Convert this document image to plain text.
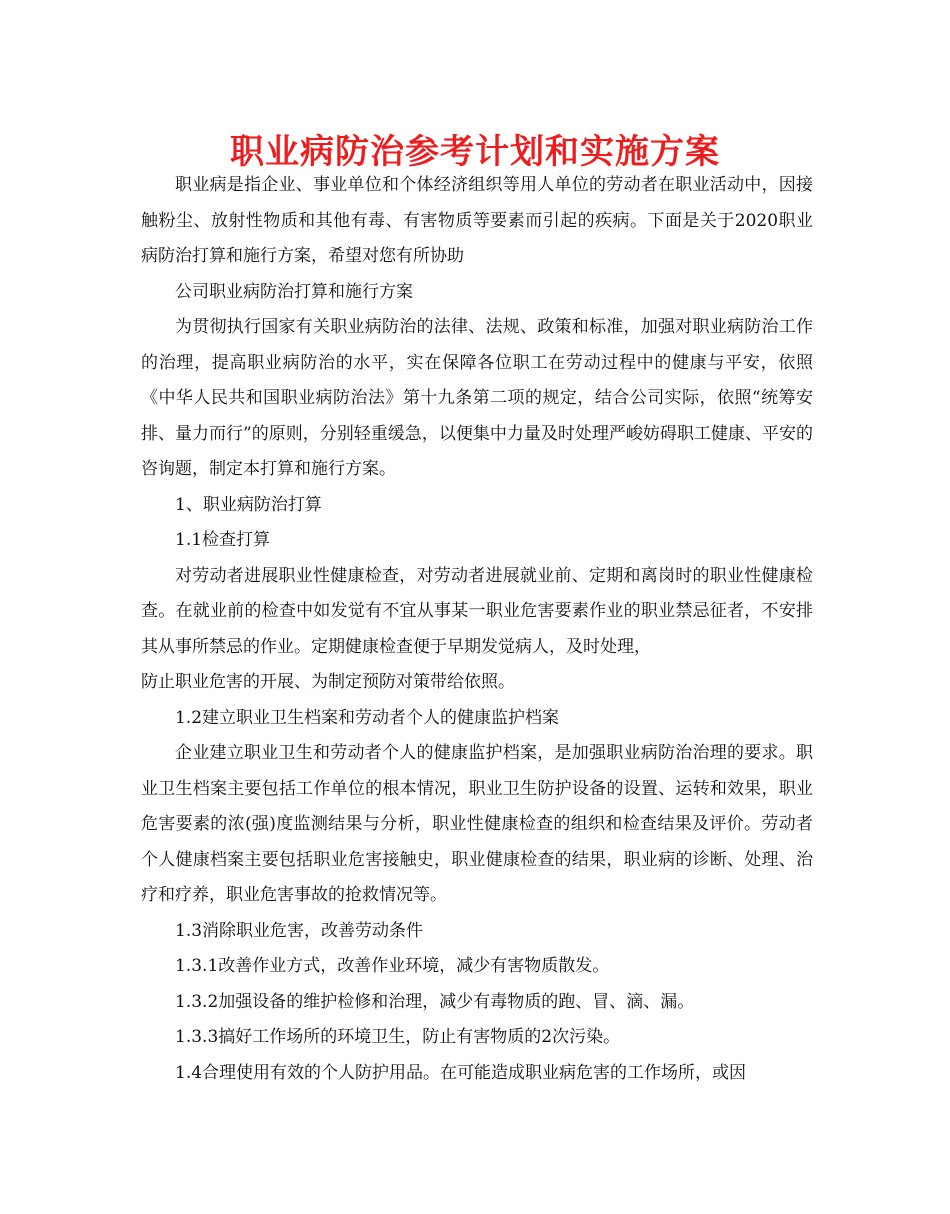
职业病防治参考计划和实施方案

职业病是指企业、事业单位和个体经济组织等用人单位的劳动者在职业活动中，因接触粉尘、放射性物质和其他有毒、有害物质等要素而引起的疾病。下面是关于2020职业病防治打算和施行方案，希望对您有所协助

公司职业病防治打算和施行方案

为贯彻执行国家有关职业病防治的法律、法规、政策和标准，加强对职业病防治工作的治理，提高职业病防治的水平，实在保障各位职工在劳动过程中的健康与平安，依照《中华人民共和国职业病防治法》第十九条第二项的规定，结合公司实际，依照“统筹安排、量力而行”的原则，分别轻重缓急，以便集中力量及时处理严峻妨碍职工健康、平安的咨询题，制定本打算和施行方案。

1、职业病防治打算

1.1检查打算

对劳动者进展职业性健康检查，对劳动者进展就业前、定期和离岗时的职业性健康检查。在就业前的检查中如发觉有不宜从事某一职业危害要素作业的职业禁忌征者，不安排其从事所禁忌的作业。定期健康检查便于早期发觉病人，及时处理，

防止职业危害的开展、为制定预防对策带给依照。

1.2建立职业卫生档案和劳动者个人的健康监护档案

企业建立职业卫生和劳动者个人的健康监护档案，是加强职业病防治治理的要求。职业卫生档案主要包括工作单位的根本情况，职业卫生防护设备的设置、运转和效果，职业危害要素的浓(强)度监测结果与分析，职业性健康检查的组织和检查结果及评价。劳动者个人健康档案主要包括职业危害接触史，职业健康检查的结果，职业病的诊断、处理、治疗和疗养，职业危害事故的抢救情况等。

1.3消除职业危害，改善劳动条件

1.3.1改善作业方式，改善作业环境，减少有害物质散发。

1.3.2加强设备的维护检修和治理，减少有毒物质的跑、冒、滴、漏。

1.3.3搞好工作场所的环境卫生，防止有害物质的2次污染。

1.4合理使用有效的个人防护用品。在可能造成职业病危害的工作场所，或因
